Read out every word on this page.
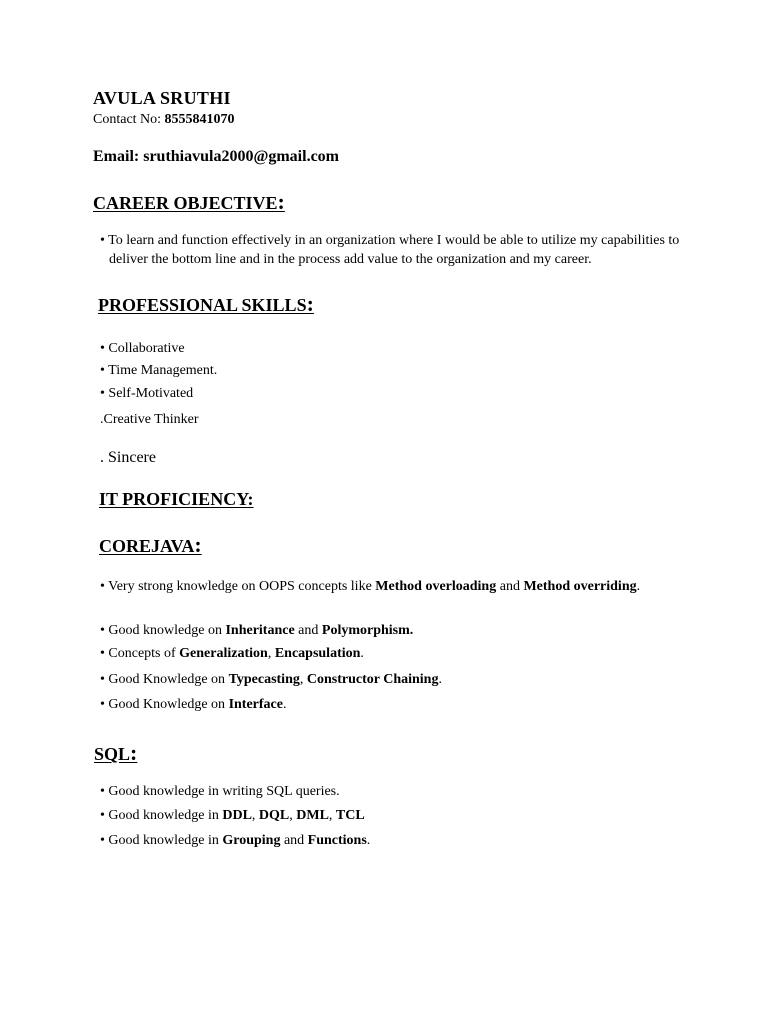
AVULA SRUTHI
Contact No: 8555841070
Email: sruthiavula2000@gmail.com
CAREER OBJECTIVE:
• To learn and function effectively in an organization where I would be able to utilize my capabilities to deliver the bottom line and in the process add value to the organization and my career.
PROFESSIONAL SKILLS:
• Collaborative
• Time Management.
• Self-Motivated
.Creative Thinker
. Sincere
IT PROFICIENCY:
COREJAVA:
• Very strong knowledge on OOPS concepts like Method overloading and Method overriding.
• Good knowledge on Inheritance and Polymorphism.
• Concepts of Generalization, Encapsulation.
• Good Knowledge on Typecasting, Constructor Chaining.
• Good Knowledge on Interface.
SQL:
• Good knowledge in writing SQL queries.
• Good knowledge in DDL, DQL, DML, TCL
• Good knowledge in Grouping and Functions.
